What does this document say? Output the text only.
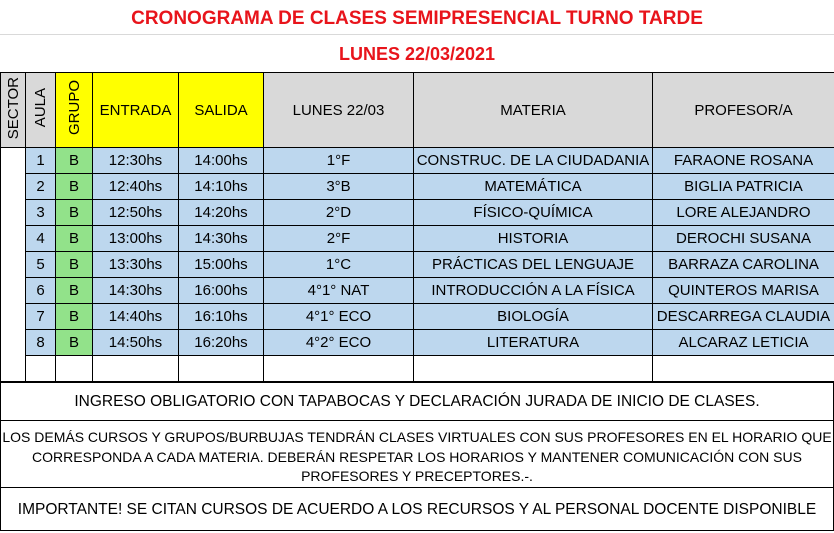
CRONOGRAMA DE CLASES SEMIPRESENCIAL TURNO TARDE
LUNES 22/03/2021
SECTOR	AULA	GRUPO	ENTRADA	SALIDA	LUNES 22/03	MATERIA	PROFESOR/A
	1	B	12:30hs	14:00hs	1°F	CONSTRUC. DE LA CIUDADANIA	FARAONE ROSANA
	2	B	12:40hs	14:10hs	3°B	MATEMÁTICA	BIGLIA PATRICIA
	3	B	12:50hs	14:20hs	2°D	FÍSICO-QUÍMICA	LORE ALEJANDRO
	4	B	13:00hs	14:30hs	2°F	HISTORIA	DEROCHI SUSANA
	5	B	13:30hs	15:00hs	1°C	PRÁCTICAS DEL LENGUAJE	BARRAZA CAROLINA
	6	B	14:30hs	16:00hs	4°1° NAT	INTRODUCCIÓN A LA FÍSICA	QUINTEROS MARISA
	7	B	14:40hs	16:10hs	4°1° ECO	BIOLOGÍA	DESCARREGA CLAUDIA
	8	B	14:50hs	16:20hs	4°2° ECO	LITERATURA	ALCARAZ LETICIA

INGRESO OBLIGATORIO CON TAPABOCAS Y DECLARACIÓN JURADA DE INICIO DE CLASES.
LOS DEMÁS CURSOS Y GRUPOS/BURBUJAS TENDRÁN CLASES VIRTUALES CON SUS PROFESORES EN EL HORARIO QUE CORRESPONDA A CADA MATERIA. DEBERÁN RESPETAR LOS HORARIOS Y MANTENER COMUNICACIÓN CON SUS PROFESORES Y PRECEPTORES.-.
IMPORTANTE! SE CITAN CURSOS DE ACUERDO A LOS RECURSOS Y AL PERSONAL DOCENTE DISPONIBLE
